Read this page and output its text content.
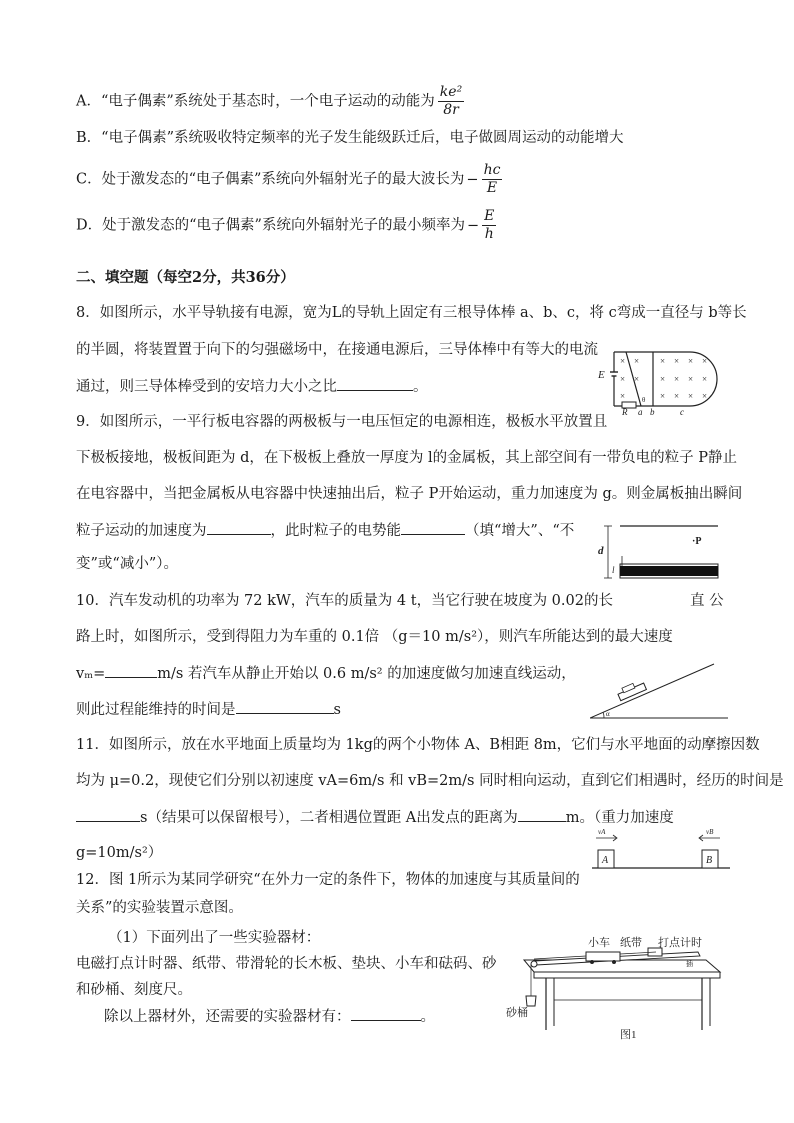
A．“电子偶素”系统处于基态时，一个电子运动的动能为 $\frac{\text{ke²}}{8r}$
B．“电子偶素”系统吸收特定频率的光子发生能级跃迁后，电子做圆周运动的动能增大
C．处于激发态的“电子偶素”系统向外辐射光子的最大波长为 − $\frac{hc}{E}$
D．处于激发态的“电子偶素”系统向外辐射光子的最小频率为 − $\frac{E}{h}$
二、填空题（每空2分，共36分）
8．如图所示，水平导轨接有电源，宽为L的导轨上固定有三根导体棒 a、b、c，将 c弯成一直径与 b等长
的半圆，将装置置于向下的匀强磁场中，在接通电源后，三导体棒中有等大的电流
通过，则三导体棒受到的安培力大小之比	。
E
R a b	c
θ
× × × × × ×
× × × × × ×
×	× × × ×
9．如图所示，一平行板电容器的两极板与一电压恒定的电源相连，极板水平放置且
下极板接地，极板间距为 d，在下极板上叠放一厚度为 l的金属板，其上部空间有一带负电的粒子 P静止
在电容器中，当把金属板从电容器中快速抽出后，粒子 P开始运动，重力加速度为 g。则金属板抽出瞬间
粒子运动的加速度为	，此时粒子的电势能	（填“增大”、“不
变”或“减小”）。
d
l
·P
10．汽车发动机的功率为 72 kW，汽车的质量为 4 t，当它行驶在坡度为 0.02的长	直 公
路上时，如图所示，受到得阻力为车重的 0.1倍 （g＝10 m/s²），则汽车所能达到的最大速度
vₘ=	m/s 若汽车从静止开始以 0.6 m/s² 的加速度做匀加速直线运动，
则此过程能维持的时间是	s	α
11．如图所示，放在水平地面上质量均为 1kg的两个小物体 A、B相距 8m，它们与水平地面的动摩擦因数
均为 μ=0.2，现使它们分别以初速度 vA=6m/s 和 vB=2m/s 同时相向运动，直到它们相遇时，经历的时间是
s（结果可以保留根号），二者相遇位置距 A出发点的距离为	m。（重力加速度
g=10m/s²）	A	B
vA	vB
12．图 1所示为某同学研究“在外力一定的条件下，物体的加速度与其质量间的
关系”的实验装置示意图。
（1）下面列出了一些实验器材：
电磁打点计时器、纸带、带滑轮的长木板、垫块、小车和砝码、砂
和砂桶、刻度尺。
除以上器材外，还需要的实验器材有：	。
小车 纸带 打点计时
插
砂桶
图1
